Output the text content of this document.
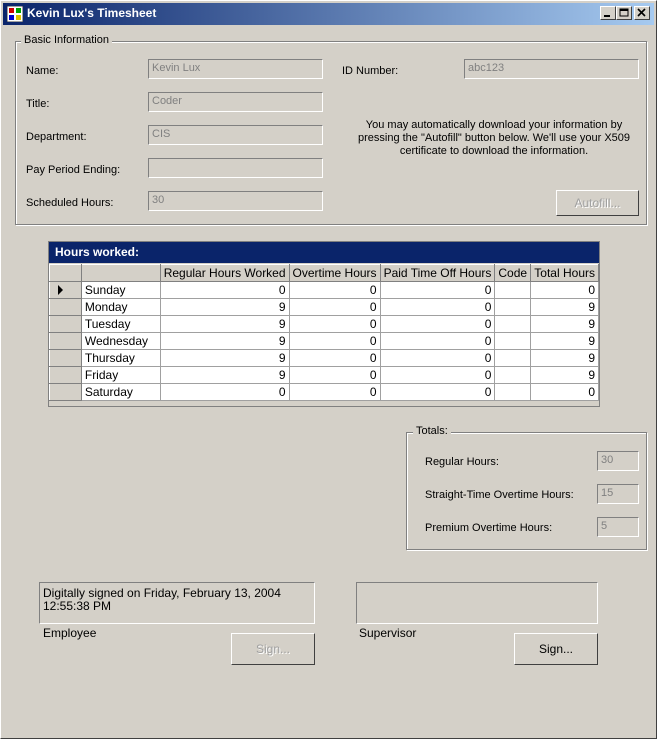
Kevin Lux's Timesheet
Basic Information
Name:	Kevin Lux
Title:	Coder
Department:	CIS
Pay Period Ending:
Scheduled Hours:	30
ID Number:	abc123
You may automatically download your information by pressing the "Autofill" button below. We'll use your X509 certificate to download the information.
Autofill...
Hours worked:
		Regular Hours Worked	Overtime Hours	Paid Time Off Hours	Code	Total Hours

	Sunday	0	0	0		0
	Monday	9	0	0		9
	Tuesday	9	0	0		9
	Wednesday	9	0	0		9
	Thursday	9	0	0		9
	Friday	9	0	0		9
	Saturday	0	0	0		0
Totals:
Regular Hours:	30
Straight-Time Overtime Hours:	15
Premium Overtime Hours:	5
Digitally signed on Friday, February 13, 2004
12:55:38 PM
Employee
Sign...
Supervisor
Sign...
